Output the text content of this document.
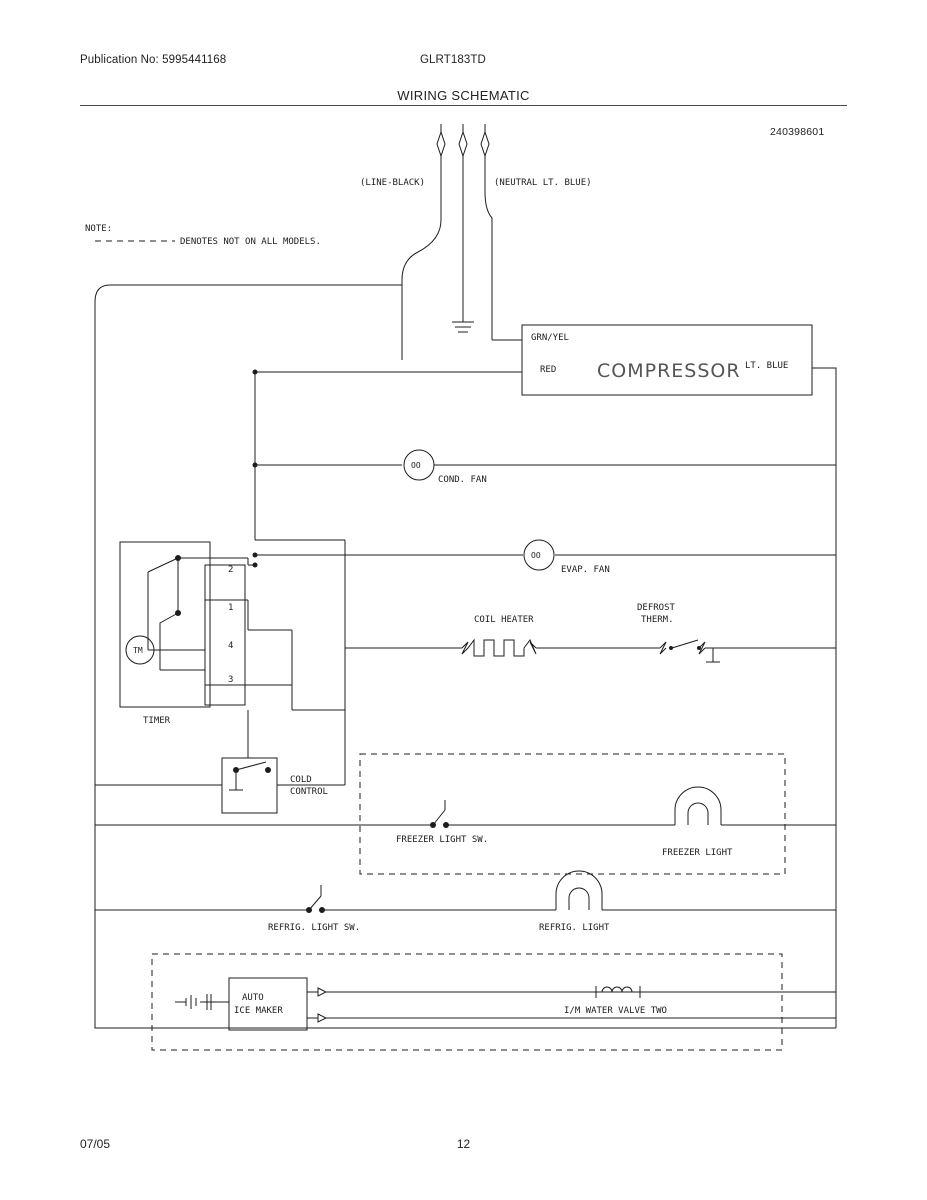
Publication No: 5995441168	GLRT183TD
WIRING SCHEMATIC
240398601
(LINE-BLACK)	(NEUTRAL LT. BLUE)
NOTE:
DENOTES NOT ON ALL MODELS.
COMPRESSOR
GRN/YEL
RED	LT. BLUE
OO
COND. FAN
OO
EVAP. FAN
COIL HEATER
DEFROST
THERM.
TIMER
TM
2
1
4
3
COLD
CONTROL
FREEZER LIGHT SW.
FREEZER LIGHT
REFRIG. LIGHT SW.	REFRIG. LIGHT
AUTO
ICE MAKER	I/M WATER VALVE TWO
07/05	12
